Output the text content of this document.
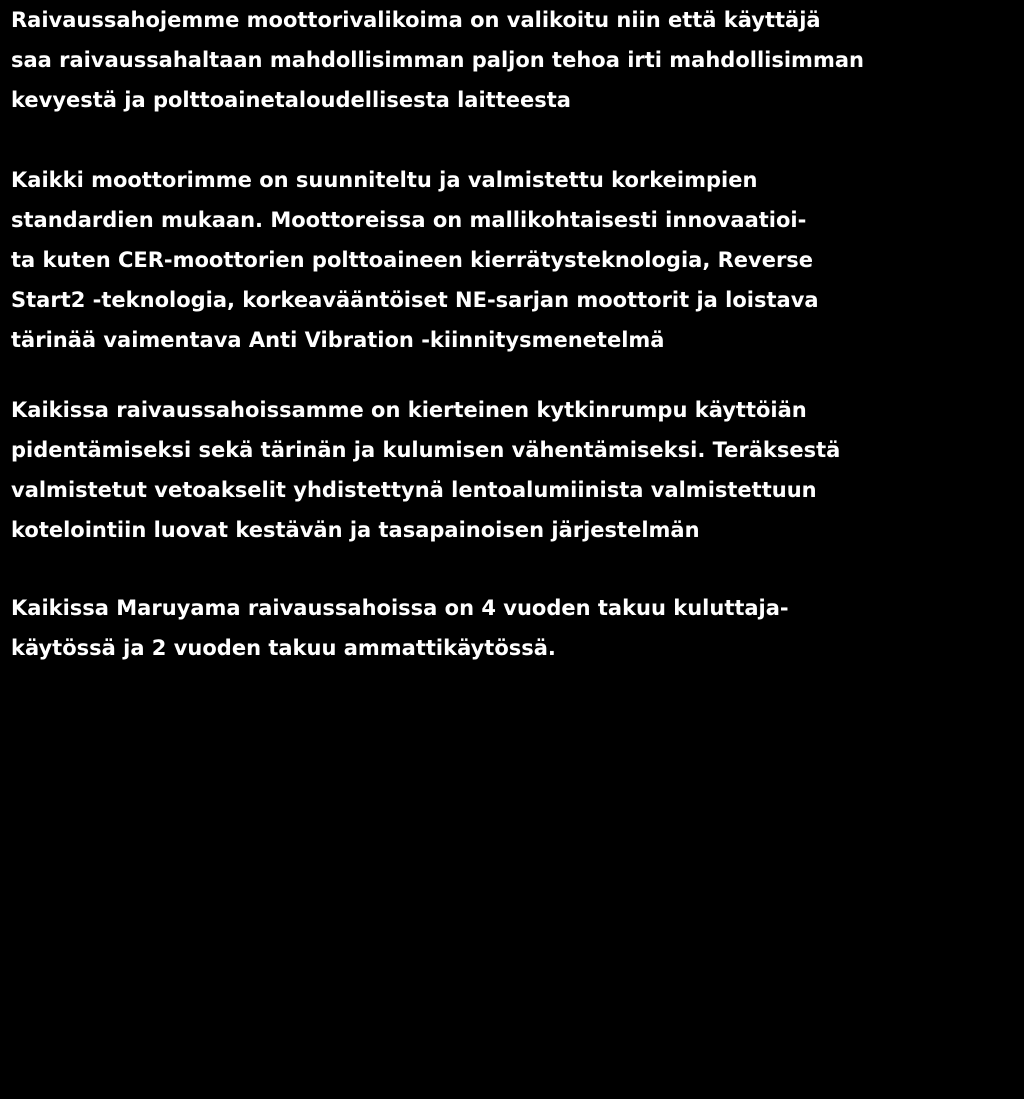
Raivaussahojemme moottorivalikoima on valikoitu niin että käyttäjä
saa raivaussahaltaan mahdollisimman paljon tehoa irti mahdollisimman
kevyestä ja polttoainetaloudellisesta laitteesta
Kaikki moottorimme on suunniteltu ja valmistettu korkeimpien
standardien mukaan. Moottoreissa on mallikohtaisesti innovaatioi-
ta kuten CER-moottorien polttoaineen kierrätysteknologia, Reverse
Start2 -teknologia, korkeavääntöiset NE-sarjan moottorit ja loistava
tärinää vaimentava Anti Vibration -kiinnitysmenetelmä
Kaikissa raivaussahoissamme on kierteinen kytkinrumpu käyttöiän
pidentämiseksi sekä tärinän ja kulumisen vähentämiseksi. Teräksestä
valmistetut vetoakselit yhdistettynä lentoalumiinista valmistettuun
kotelointiin luovat kestävän ja tasapainoisen järjestelmän
Kaikissa Maruyama raivaussahoissa on 4 vuoden takuu kuluttaja-
käytössä ja 2 vuoden takuu ammattikäytössä.
